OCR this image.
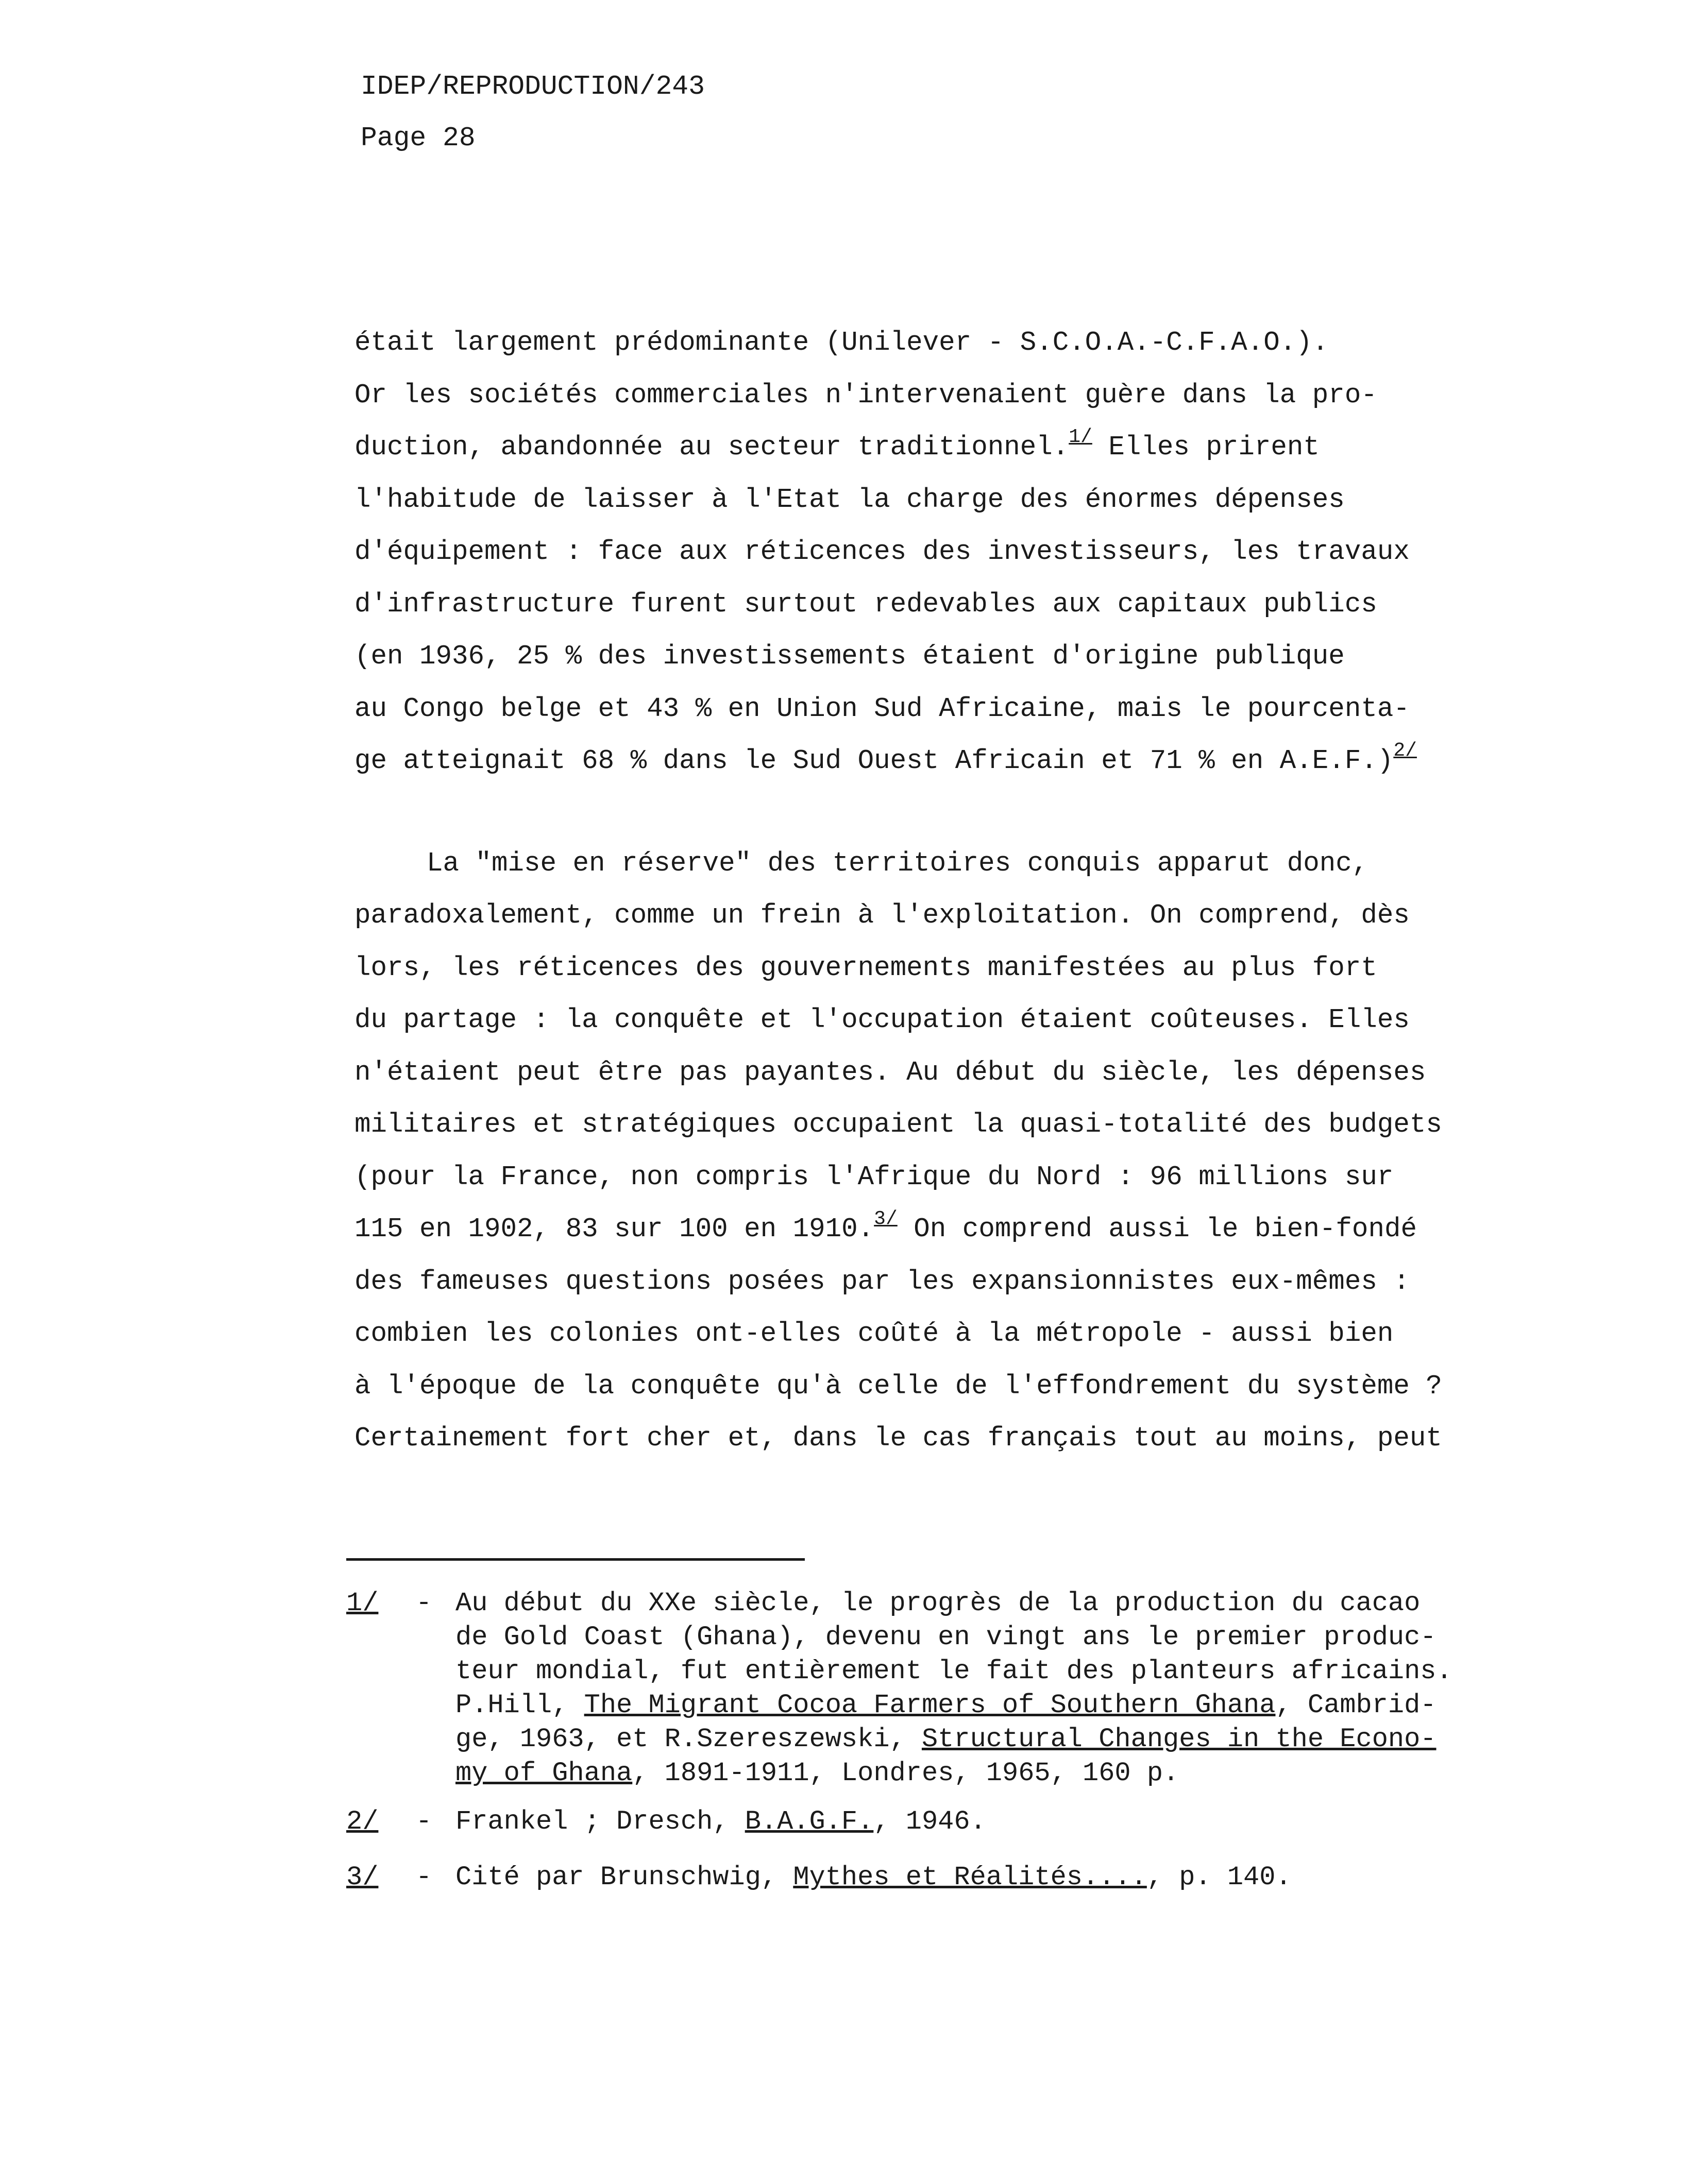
IDEP/REPRODUCTION/243
Page 28

était largement prédominante (Unilever - S.C.O.A.-C.F.A.O.).
Or les sociétés commerciales n'intervenaient guère dans la pro-
duction, abandonnée au secteur traditionnel.$^{1/}$ Elles prirent
l'habitude de laisser à l'Etat la charge des énormes dépenses
d'équipement : face aux réticences des investisseurs, les travaux
d'infrastructure furent surtout redevables aux capitaux publics
(en 1936, 25 % des investissements étaient d'origine publique
au Congo belge et 43 % en Union Sud Africaine, mais le pourcenta-
ge atteignait 68 % dans le Sud Ouest Africain et 71 % en A.E.F.)$^{2/}$

La "mise en réserve" des territoires conquis apparut donc,
paradoxalement, comme un frein à l'exploitation. On comprend, dès
lors, les réticences des gouvernements manifestées au plus fort
du partage : la conquête et l'occupation étaient coûteuses. Elles
n'étaient peut être pas payantes. Au début du siècle, les dépenses
militaires et stratégiques occupaient la quasi-totalité des budgets
(pour la France, non compris l'Afrique du Nord : 96 millions sur
115 en 1902, 83 sur 100 en 1910.$^{3/}$ On comprend aussi le bien-fondé
des fameuses questions posées par les expansionnistes eux-mêmes :
combien les colonies ont-elles coûté à la métropole - aussi bien
à l'époque de la conquête qu'à celle de l'effondrement du système ?
Certainement fort cher et, dans le cas français tout au moins, peut

1/ - Au début du XXe siècle, le progrès de la production du cacao
de Gold Coast (Ghana), devenu en vingt ans le premier produc-
teur mondial, fut entièrement le fait des planteurs africains.
P.Hill, The Migrant Cocoa Farmers of Southern Ghana, Cambrid-
ge, 1963, et R.Szereszewski, Structural Changes in the Econo-
my of Ghana, 1891-1911, Londres, 1965, 160 p.
2/ - Frankel ; Dresch, B.A.G.F., 1946.
3/ - Cité par Brunschwig, Mythes et Réalités...., p. 140.
